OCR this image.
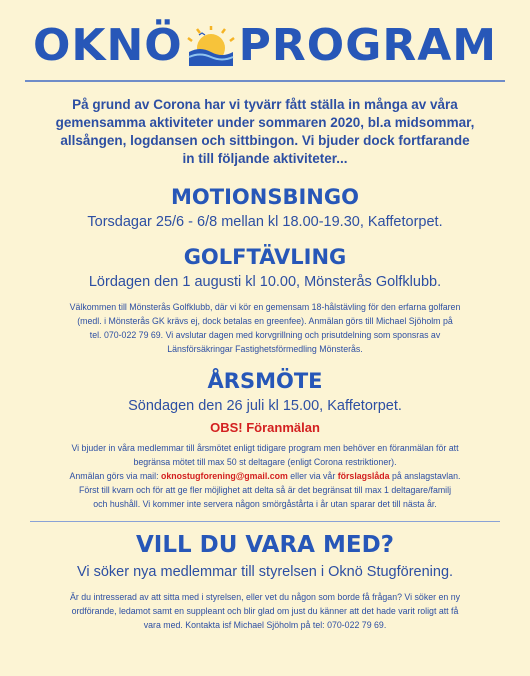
OKNÖ PROGRAM
På grund av Corona har vi tyvärr fått ställa in många av våra
gemensamma aktiviteter under sommaren 2020, bl.a midsommar,
allsången, logdansen och sittbingon. Vi bjuder dock fortfarande
in till följande aktiviteter...
MOTIONSBINGO
Torsdagar 25/6 - 6/8 mellan kl 18.00-19.30, Kaffetorpet.
GOLFTÄVLING
Lördagen den 1 augusti kl 10.00, Mönsterås Golfklubb.
Välkommen till Mönsterås Golfklubb, där vi kör en gemensam 18-hålstävling för den erfarna golfaren
(medl. i Mönsterås GK krävs ej, dock betalas en greenfee). Anmälan görs till Michael Sjöholm på
tel. 070-022 79 69. Vi avslutar dagen med korvgrillning och prisutdelning som sponsras av
Länsförsäkringar Fastighetsförmedling Mönsterås.
ÅRSMÖTE
Söndagen den 26 juli kl 15.00, Kaffetorpet.
OBS! Föranmälan
Vi bjuder in våra medlemmar till årsmötet enligt tidigare program men behöver en föranmälan för att
begränsa mötet till max 50 st deltagare (enligt Corona restriktioner).
Anmälan görs via mail: oknostugforening@gmail.com eller via vår förslagslåda på anslagstavlan.
Först till kvarn och för att ge fler möjlighet att delta så är det begränsat till max 1 deltagare/familj
och hushåll. Vi kommer inte servera någon smörgåstårta i år utan sparar det till nästa år.
VILL DU VARA MED?
Vi söker nya medlemmar till styrelsen i Oknö Stugförening.
Är du intresserad av att sitta med i styrelsen, eller vet du någon som borde få frågan? Vi söker en ny
ordförande, ledamot samt en suppleant och blir glad om just du känner att det hade varit roligt att få
vara med. Kontakta isf Michael Sjöholm på tel: 070-022 79 69.
